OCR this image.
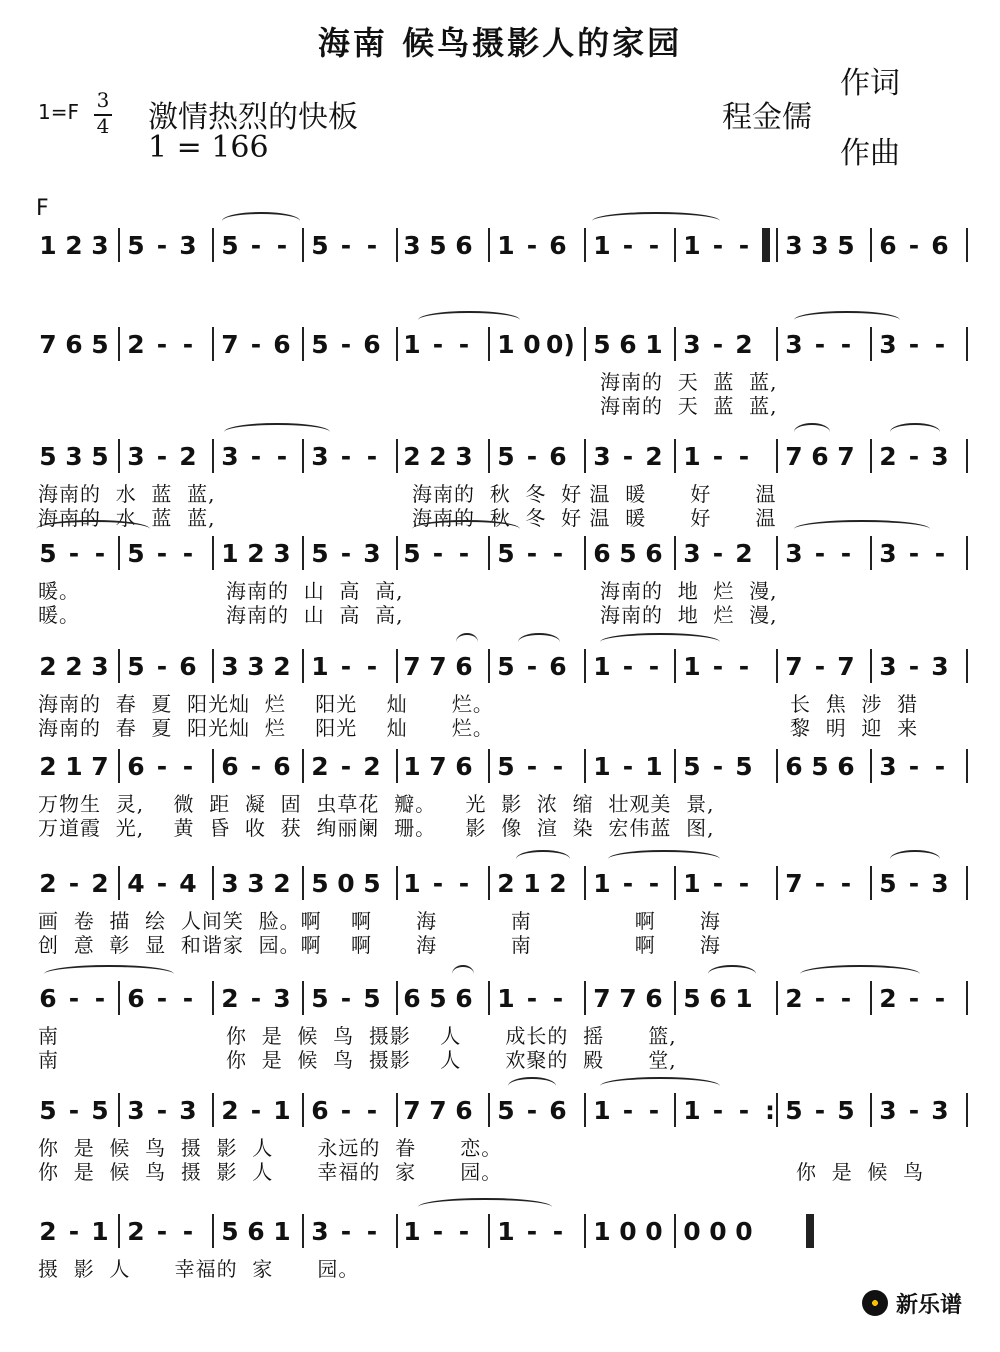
海南 候鸟摄影人的家园
1=F 3
4 激情热烈的快板
1 = 166
作词
程金儒
作曲
F
1 2 3 5 - 3 5 - - 5 - - 3 5 6 1 - 6 1 - - 1 - - 3 3 5 6 - 6
7 6 5 2 - - 7 - 6 5 - 6 1 - - 1 0 0) 5 6 1 3 - 2 3 - - 3 - -
海南的  天  蓝  蓝,
海南的  天  蓝  蓝,
5 3 5 3 - 2 3 - - 3 - - 2 2 3 5 - 6 3 - 2 1 - - 7 6 7 2 - 3
海南的  水  蓝  蓝,	海南的  秋  冬  好 温  暖      好      温
海南的  水  蓝  蓝,	海南的  秋  冬  好 温  暖      好      温
5 - - 5 - - 1 2 3 5 - 3 5 - - 5 - - 6 5 6 3 - 2 3 - - 3 - -
暖。	海南的  山  高  高,	海南的  地  烂  漫,
暖。	海南的  山  高  高,	海南的  地  烂  漫,
2 2 3 5 - 6 3 3 2 1 - - 7 7 6 5 - 6 1 - - 1 - - 7 - 7 3 - 3
海南的  春  夏  阳光灿  烂    阳光    灿      烂。	长  焦  涉  猎
海南的  春  夏  阳光灿  烂    阳光    灿      烂。	黎  明  迎  来
2 1 7 6 - - 6 - 6 2 - 2 1 7 6 5 - - 1 - 1 5 - 5 6 5 6 3 - -
万物生  灵,    微  距  凝  固  虫草花  瓣。    光  影  浓  缩  壮观美  景,
万道霞  光,    黄  昏  收  获  绚丽阑  珊。    影  像  渲  染  宏伟蓝  图,
2 - 2 4 - 4 3 3 2 5 0 5 1 - - 2 1 2 1 - - 1 - - 7 - - 5 - 3
画  卷  描  绘  人间笑  脸。啊    啊      海          南              啊      海
创  意  彰  显  和谐家  园。啊    啊      海          南              啊      海
6 - - 6 - - 2 - 3 5 - 5 6 5 6 1 - - 7 7 6 5 6 1 2 - - 2 - -
南	你  是  候  鸟  摄影    人      成长的  摇      篮,
南	你  是  候  鸟  摄影    人      欢聚的  殿      堂,
5 - 5 3 - 3 2 - 1 6 - - 7 7 6 5 - 6 1 - - 1 - - : 5 - 5 3 - 3
你  是  候  鸟  摄  影  人      永远的  眷      恋。
你  是  候  鸟  摄  影  人      幸福的  家      园。	你  是  候  鸟
2 - 1 2 - - 5 6 1 3 - - 1 - - 1 - - 1 0 0 0 0 0
摄  影  人      幸福的  家      园。
新乐谱
